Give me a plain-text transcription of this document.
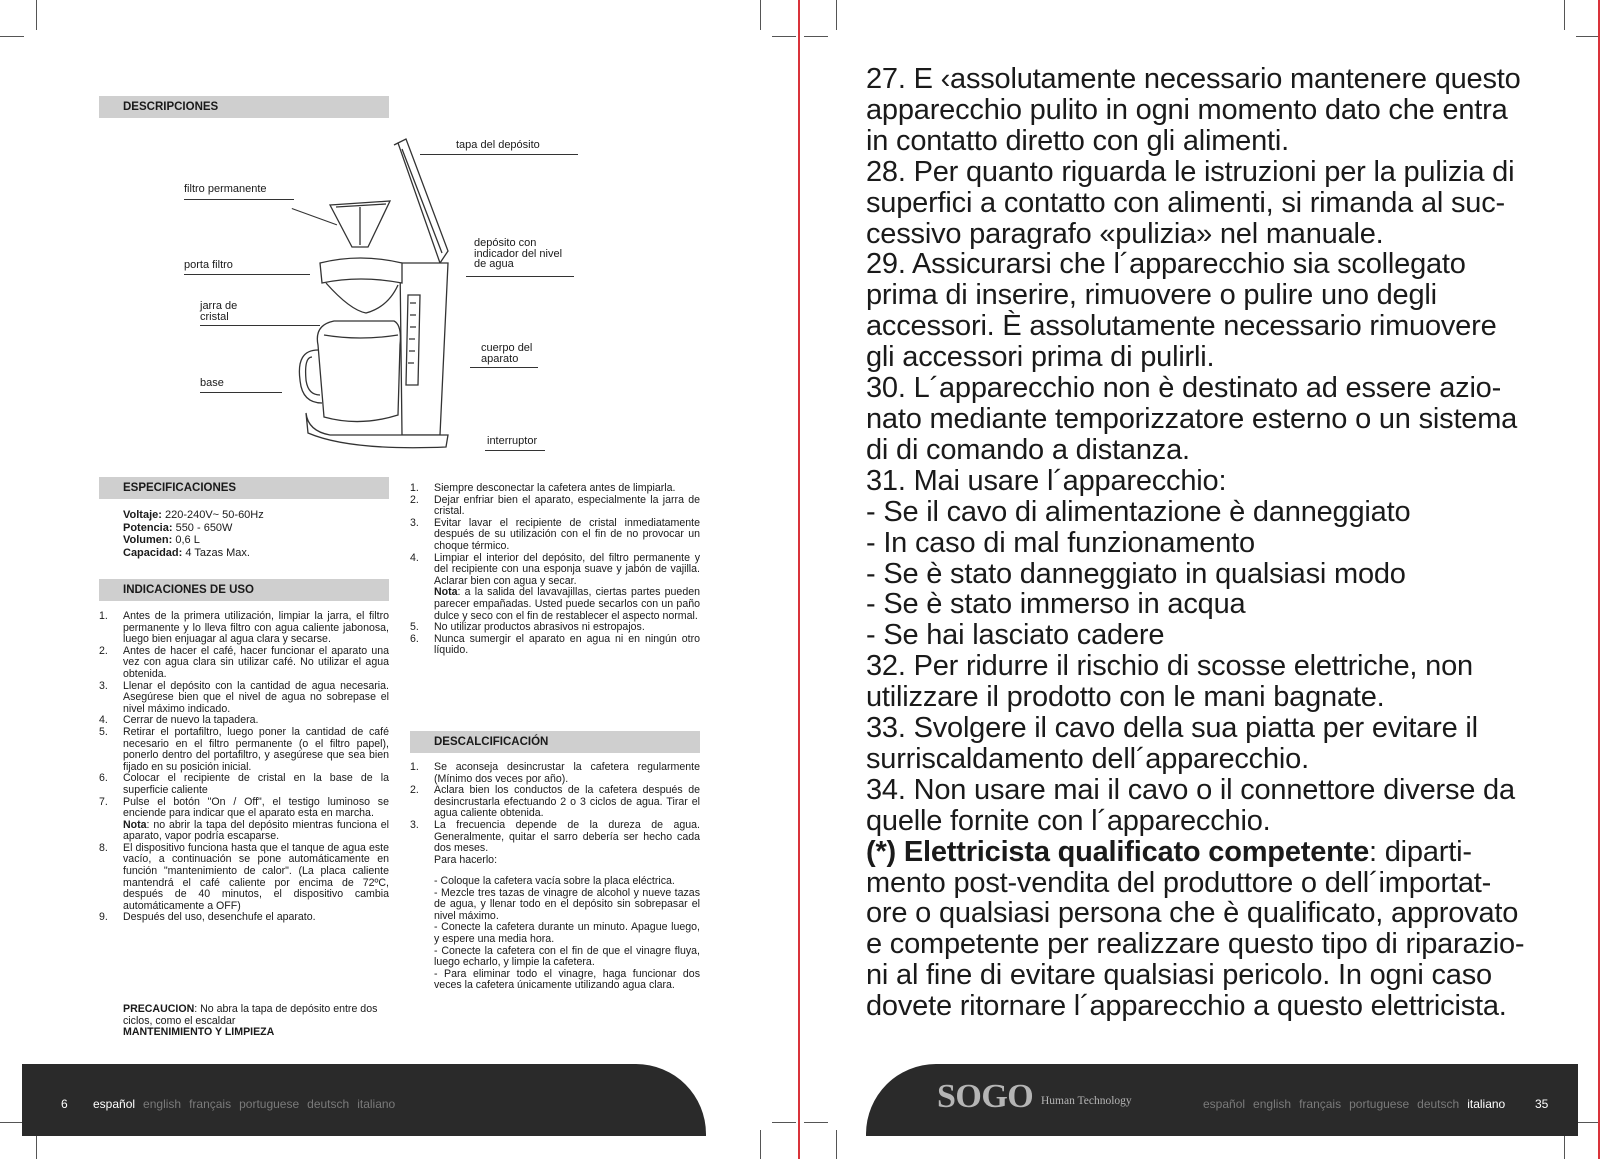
DESCRIPCIONES
tapa del depósito
filtro permanente
depósito con
indicador del nivel
de agua
porta filtro
jarra de
cristal
cuerpo del
aparato
base
interruptor
ESPECIFICACIONES

Voltaje: 220-240V~ 50-60Hz

Potencia: 550 - 650W

Volumen: 0,6 L

Capacidad: 4 Tazas Max.

INDICACIONES DE USO
1. Antes de la primera utilización, limpiar la jarra, el filtro permanente y lo lleva filtro con agua caliente jabonosa, luego bien enjuagar al agua clara y secarse.
2. Antes de hacer el café, hacer funcionar el aparato una vez con agua clara sin utilizar café. No utilizar el agua obtenida.
3. Llenar el depósito con la cantidad de agua necesaria. Asegúrese bien que el nivel de agua no sobrepase el nivel máximo indicado.
4. Cerrar de nuevo la tapadera.
5. Retirar el portafiltro, luego poner la cantidad de café necesario en el filtro permanente (o el filtro papel), ponerlo dentro del portafiltro, y asegúrese que sea bien fijado en su posición inicial.
6. Colocar el recipiente de cristal en la base de la superficie caliente
7. Pulse el botón "On / Off", el testigo luminoso se enciende para indicar que el aparato esta en marcha.
Nota: no abrir la tapa del depósito mientras funciona el aparato, vapor podría escaparse.
8. El dispositivo funciona hasta que el tanque de agua este vacío, a continuación se pone automáticamente en función "mantenimiento de calor". (La placa caliente mantendrá el café caliente por encima de 72ºC, después de 40 minutos, el dispositivo cambia automáticamente a OFF)
9. Después del uso, desenchufe el aparato.
PRECAUCION: No abra la tapa de depósito entre dos ciclos, como el escaldar
MANTENIMIENTO Y LIMPIEZA
1. Siempre desconectar la cafetera antes de limpiarla.
2. Dejar enfriar bien el aparato, especialmente la jarra de cristal.
3. Evitar lavar el recipiente de cristal inmediatamente después de su utilización con el fin de no provocar un choque térmico.
4. Limpiar el interior del depósito, del filtro permanente y del recipiente con una esponja suave y jabón de vajilla. Aclarar bien con agua y secar.
Nota: a la salida del lavavajillas, ciertas partes pueden parecer empañadas. Usted puede secarlos con un paño dulce y seco con el fin de restablecer el aspecto normal.
5. No utilizar productos abrasivos ni estropajos.
6. Nunca sumergir el aparato en agua ni en ningún otro líquido.
DESCALCIFICACIÓN
1. Se aconseja desincrustar la cafetera regularmente (Mínimo dos veces por año).
2. Aclara bien los conductos de la cafetera después de desincrustarla efectuando 2 o 3 ciclos de agua. Tirar el agua caliente obtenida.
3. La frecuencia depende de la dureza de agua. Generalmente, quitar el sarro debería ser hecho cada dos meses.
Para hacerlo:
- Coloque la cafetera vacía sobre la placa eléctrica.
- Mezcle tres tazas de vinagre de alcohol y nueve tazas de agua, y llenar todo en el depósito sin sobrepasar el nivel máximo.
- Conecte la cafetera durante un minuto. Apague luego, y espere una media hora.
- Conecte la cafetera con el fin de que el vinagre fluya, luego echarlo, y limpie la cafetera.
- Para eliminar todo el vinagre, haga funcionar dos veces la cafetera únicamente utilizando agua clara.
6 español english français portuguese deutsch italiano

27. E ‹assolutamente necessario mantenere questo

apparecchio pulito in ogni momento dato che entra

in contatto diretto con gli alimenti.

28. Per quanto riguarda le istruzioni per la pulizia di

superfici a contatto con alimenti, si rimanda al suc-

cessivo paragrafo «pulizia» nel manuale.

29. Assicurarsi che l´apparecchio sia scollegato

prima di inserire, rimuovere o pulire uno degli

accessori. È assolutamente necessario rimuovere

gli accessori prima di pulirli.

30. L´apparecchio non è destinato ad essere azio-

nato mediante temporizzatore esterno o un sistema

di di comando a distanza.

31. Mai usare l´apparecchio:

- Se il cavo di alimentazione è danneggiato

- In caso di mal funzionamento

- Se è stato danneggiato in qualsiasi modo

- Se è stato immerso in acqua

- Se hai lasciato cadere

32. Per ridurre il rischio di scosse elettriche, non

utilizzare il prodotto con le mani bagnate.

33. Svolgere il cavo della sua piatta per evitare il

surriscaldamento dell´apparecchio.

34. Non usare mai il cavo o il connettore diverse da

quelle fornite con l´apparecchio.

(*) Elettricista qualificato competente: diparti-

mento post-vendita del produttore o dell´importat-

ore o qualsiasi persona che è qualificato, approvato

e competente per realizzare questo tipo di riparazio-

ni al fine di evitare qualsiasi pericolo. In ogni caso

dovete ritornare l´apparecchio a questo elettricista.

SOGO Human Technology	español english français portuguese deutsch italiano	35
